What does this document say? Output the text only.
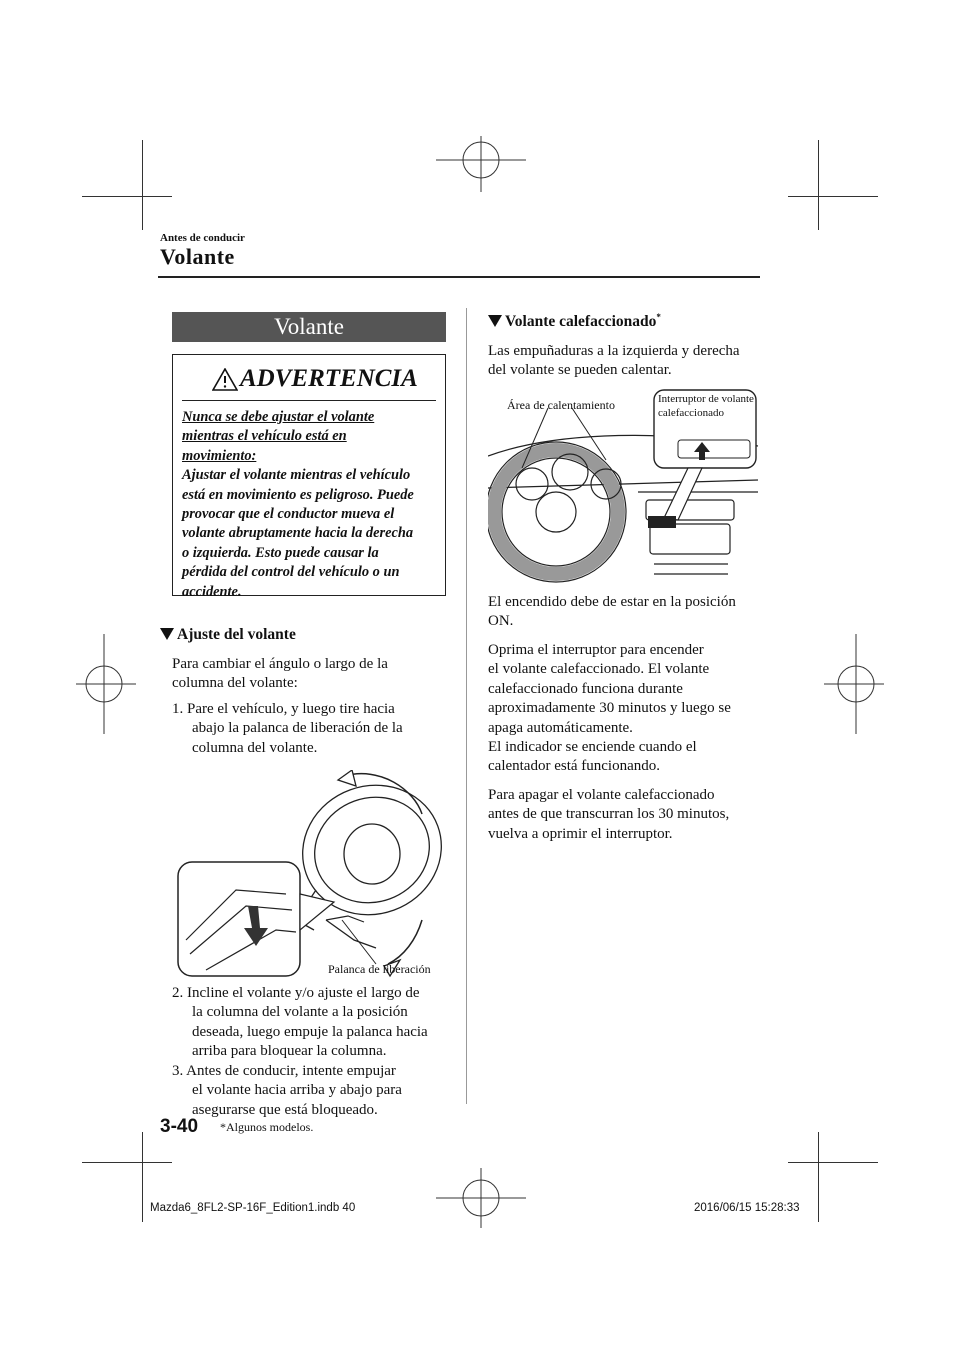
Antes de conducir
Volante
Volante
ADVERTENCIA
Nunca se debe ajustar el volante
mientras el vehículo está en
movimiento:
Ajustar el volante mientras el vehículo
está en movimiento es peligroso. Puede
provocar que el conductor mueva el
volante abruptamente hacia la derecha
o izquierda. Esto puede causar la
pérdida del control del vehículo o un
accidente.
Ajuste del volante
Para cambiar el ángulo o largo de la
columna del volante:
1. Pare el vehículo, y luego tire hacia
abajo la palanca de liberación de la
columna del volante.
Palanca de liberación
2. Incline el volante y/o ajuste el largo de
la columna del volante a la posición
deseada, luego empuje la palanca hacia
arriba para bloquear la columna.
3. Antes de conducir, intente empujar
el volante hacia arriba y abajo para
asegurarse que está bloqueado.
Volante calefaccionado*
Las empuñaduras a la izquierda y derecha
del volante se pueden calentar.
Área de calentamiento	Interruptor de volante
calefaccionado
El encendido debe de estar en la posición
ON.
Oprima el interruptor para encender
el volante calefaccionado. El volante
calefaccionado funciona durante
aproximadamente 30 minutos y luego se
apaga automáticamente.
El indicador se enciende cuando el
calentador está funcionando.
Para apagar el volante calefaccionado
antes de que transcurran los 30 minutos,
vuelva a oprimir el interruptor.
3-40 *Algunos modelos.
Mazda6_8FL2-SP-16F_Edition1.indb 40	2016/06/15 15:28:33
